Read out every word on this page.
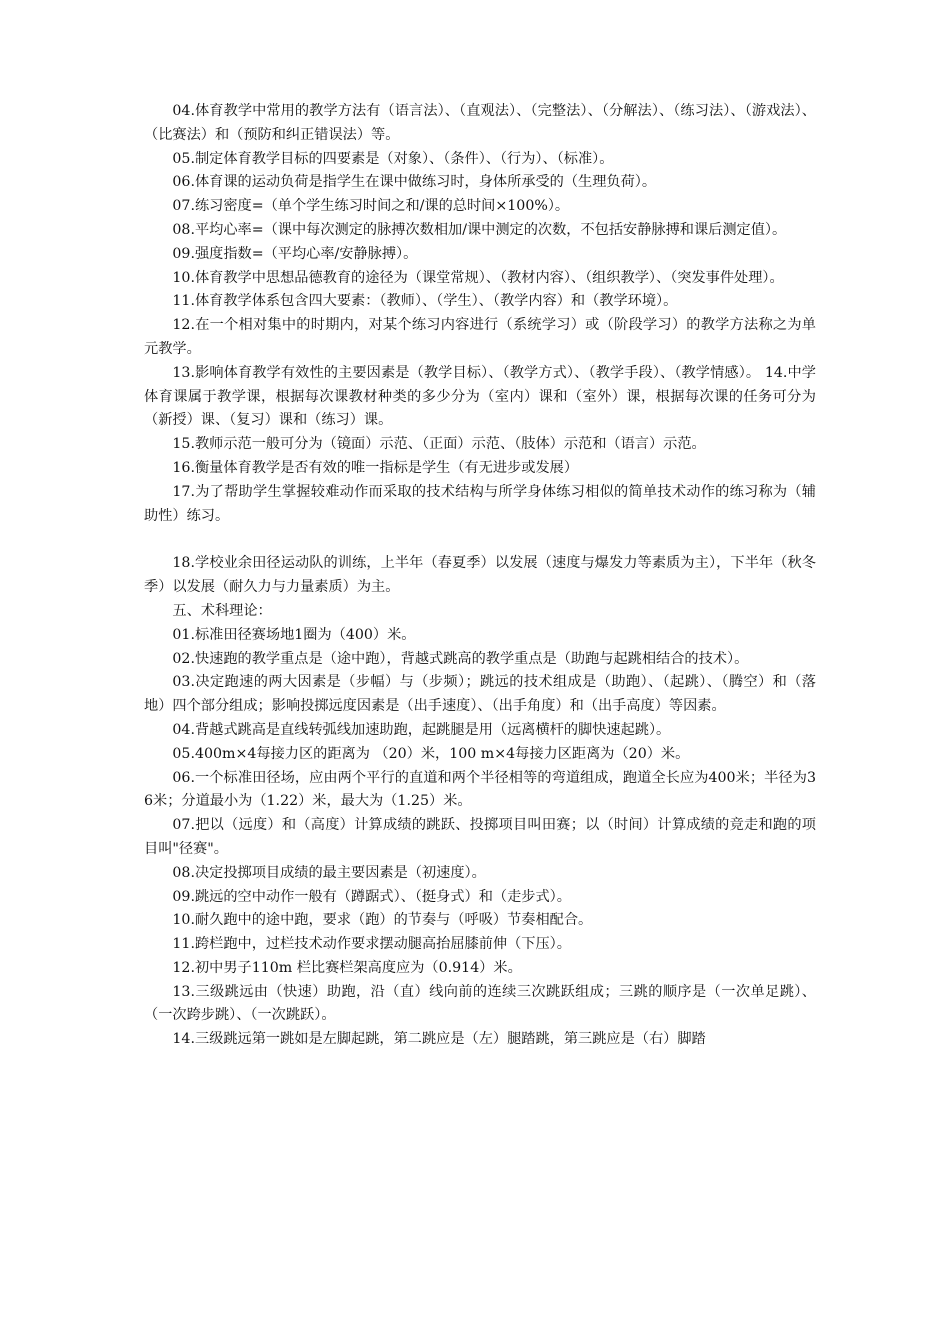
04.体育教学中常用的教学方法有（语言法）、（直观法）、（完整法）、（分解法）、（练习法）、（游戏法）、（比赛法）和（预防和纠正错误法）等。

05.制定体育教学目标的四要素是（对象）、（条件）、（行为）、（标准）。

06.体育课的运动负荷是指学生在课中做练习时，身体所承受的（生理负荷）。

07.练习密度=（单个学生练习时间之和/课的总时间×100%）。

08.平均心率=（课中每次测定的脉搏次数相加/课中测定的次数，不包括安静脉搏和课后测定值）。

09.强度指数=（平均心率/安静脉搏）。

10.体育教学中思想品德教育的途径为（课堂常规）、（教材内容）、（组织教学）、（突发事件处理）。

11.体育教学体系包含四大要素：（教师）、（学生）、（教学内容）和（教学环境）。

12.在一个相对集中的时期内，对某个练习内容进行（系统学习）或（阶段学习）的教学方法称之为单元教学。

13.影响体育教学有效性的主要因素是（教学目标）、（教学方式）、（教学手段）、（教学情感）。 14.中学体育课属于教学课，根据每次课教材种类的多少分为（室内）课和（室外）课，根据每次课的任务可分为（新授）课、（复习）课和（练习）课。

15.教师示范一般可分为（镜面）示范、（正面）示范、（肢体）示范和（语言）示范。

16.衡量体育教学是否有效的唯一指标是学生（有无进步或发展）

17.为了帮助学生掌握较难动作而采取的技术结构与所学身体练习相似的简单技术动作的练习称为（辅助性）练习。

18.学校业余田径运动队的训练，上半年（春夏季）以发展（速度与爆发力等素质为主），下半年（秋冬季）以发展（耐久力与力量素质）为主。

五、术科理论：

01.标准田径赛场地1圈为（400）米。

02.快速跑的教学重点是（途中跑），背越式跳高的教学重点是（助跑与起跳相结合的技术）。

03.决定跑速的两大因素是（步幅）与（步频）；跳远的技术组成是（助跑）、（起跳）、（腾空）和（落地）四个部分组成；影响投掷远度因素是（出手速度）、（出手角度）和（出手高度）等因素。

04.背越式跳高是直线转弧线加速助跑，起跳腿是用（远离横杆的脚快速起跳）。

05.400m×4每接力区的距离为 （20）米，100 m×4每接力区距离为（20）米。

06.一个标准田径场，应由两个平行的直道和两个半径相等的弯道组成，跑道全长应为400米；半径为36米；分道最小为（1.22）米，最大为（1.25）米。

07.把以（远度）和（高度）计算成绩的跳跃、投掷项目叫田赛；以（时间）计算成绩的竞走和跑的项目叫"径赛"。

08.决定投掷项目成绩的最主要因素是（初速度）。

09.跳远的空中动作一般有（蹲踞式）、（挺身式）和（走步式）。

10.耐久跑中的途中跑，要求（跑）的节奏与（呼吸）节奏相配合。

11.跨栏跑中，过栏技术动作要求摆动腿高抬屈膝前伸（下压）。

12.初中男子110m 栏比赛栏架高度应为（0.914）米。

13.三级跳远由（快速）助跑，沿（直）线向前的连续三次跳跃组成；三跳的顺序是（一次单足跳）、（一次跨步跳）、（一次跳跃）。

14.三级跳远第一跳如是左脚起跳，第二跳应是（左）腿踏跳，第三跳应是（右）脚踏
